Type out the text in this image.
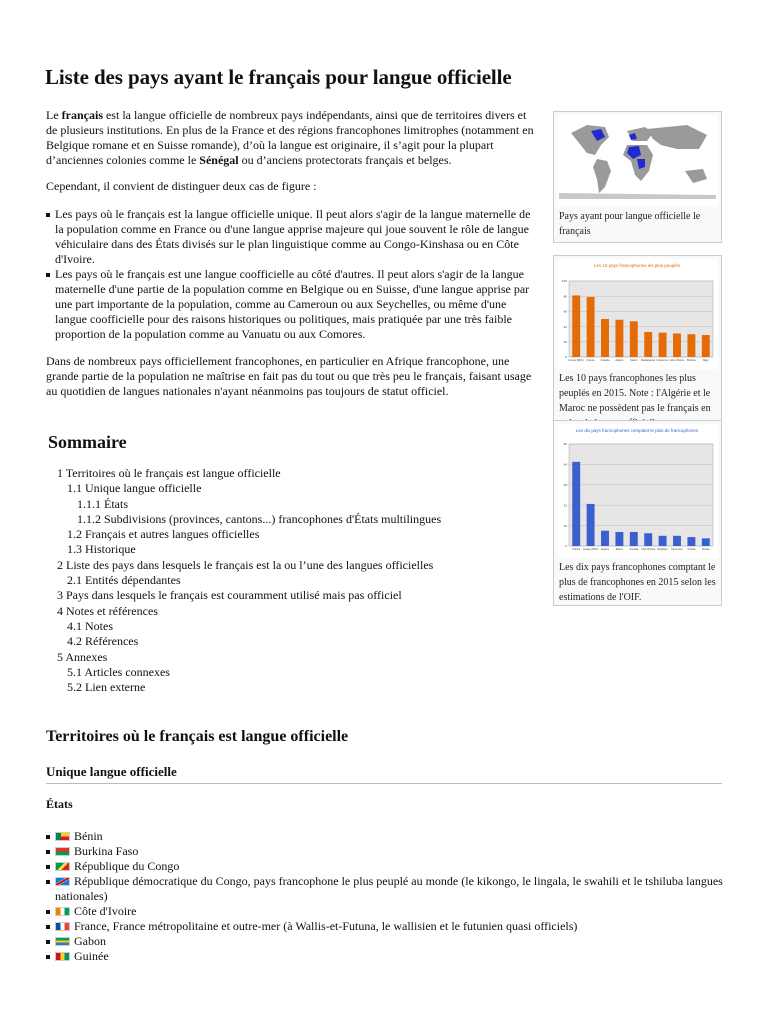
Liste des pays ayant le français pour langue officielle

Le français est la langue officielle de nombreux pays indépendants, ainsi que de territoires divers et de plusieurs institutions. En plus de la France et des régions francophones limitrophes (notamment en Belgique romane et en Suisse romande), d’où la langue est originaire, il s’agit pour la plupart d’anciennes colonies comme le Sénégal ou d’anciens protectorats français et belges.

Cependant, il convient de distinguer deux cas de figure :

Les pays où le français est la langue officielle unique. Il peut alors s'agir de la langue maternelle de la population comme en France ou d'une langue apprise majeure qui joue souvent le rôle de langue véhiculaire dans des États divisés sur le plan linguistique comme au Congo-Kinshasa ou en Côte d'Ivoire.
Les pays où le français est une langue coofficielle au côté d'autres. Il peut alors s'agir de la langue maternelle d'une partie de la population comme en Belgique ou en Suisse, d'une langue apprise par une part importante de la population, comme au Cameroun ou aux Seychelles, ou même d'une langue coofficielle pour des raisons historiques ou politiques, mais pratiquée par une très faible proportion de la population comme au Vanuatu ou aux Comores.

Dans de nombreux pays officiellement francophones, en particulier en Afrique francophone, une grande partie de la population ne maîtrise en fait pas du tout ou que très peu le français, faisant usage au quotidien de langues nationales n'ayant néanmoins pas toujours de statut officiel.

Sommaire
1 Territoires où le français est langue officielle
1.1 Unique langue officielle
1.1.1 États
1.1.2 Subdivisions (provinces, cantons...) francophones d'États multilingues
1.2 Français et autres langues officielles
1.3 Historique
2 Liste des pays dans lesquels le français est la ou l’une des langues officielles
2.1 Entités dépendantes
3 Pays dans lesquels le français est couramment utilisé mais pas officiel
4 Notes et références
4.1 Notes
4.2 Références
5 Annexes
5.1 Articles connexes
5.2 Lien externe
Territoires où le français est langue officielle
Unique langue officielle
États
Bénin
Burkina Faso
République du Congo
République démocratique du Congo, pays francophone le plus peuplé au monde (le kikongo, le lingala, le swahili et le tshiluba langues nationales)
Côte d'Ivoire
France, France métropolitaine et outre-mer (à Wallis-et-Futuna, le wallisien et le futunien quasi officiels)
Gabon
Guinée
Pays ayant pour langue officielle le français
Les 10 pays francophones les plus peuplés
0
20
40
60
80
100
Congo (RDC) France Canada Algérie	Maroc Madagascar Cameroun Côte d'Ivoire Burkina	Niger
Les 10 pays francophones les plus peuplés en 2015. Note : l'Algérie et le Maroc ne possèdent pas le français en
Les dix pays francophones comptant le plus de francophones
0
16
32
48
64
80
France Congo (RDC) Algérie	Maroc Canada Côte d'Ivoire Belgique Cameroun Tunisie Suisse
Les dix pays francophones comptant le plus de francophones en 2015 selon les estimations de l'OIF.
